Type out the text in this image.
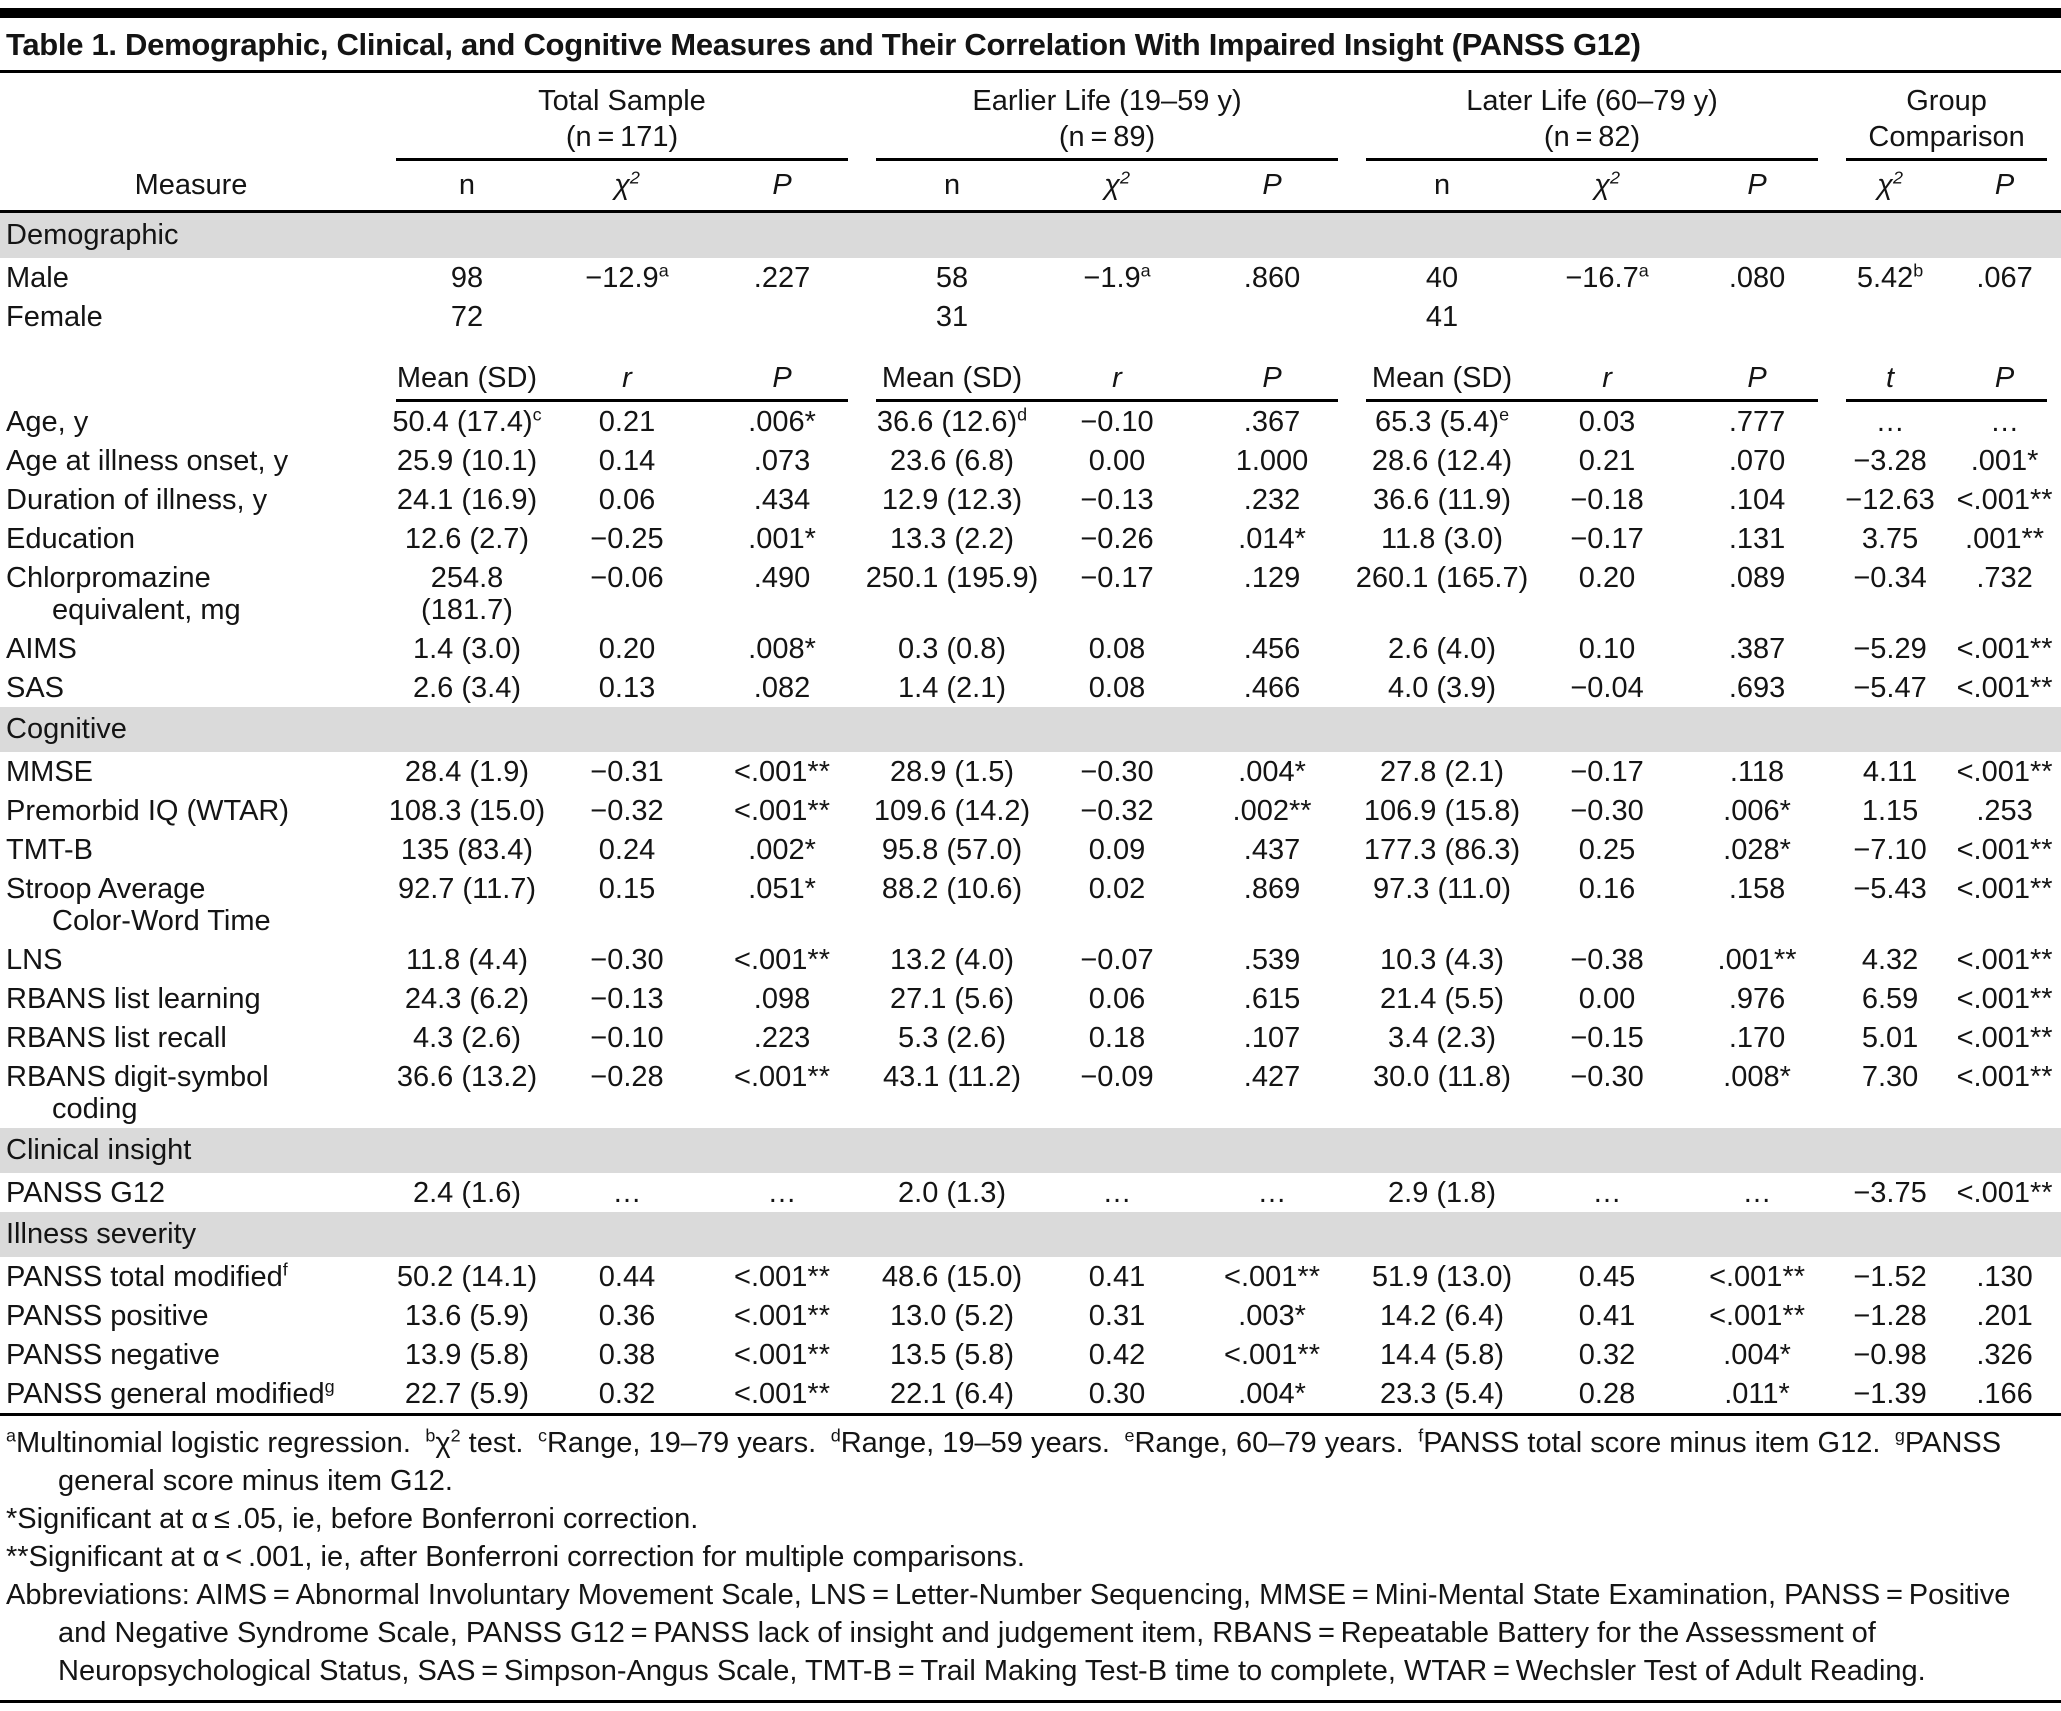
Table 1. Demographic, Clinical, and Cognitive Measures and Their Correlation With Impaired Insight (PANSS G12)

Total Sample
(n = 171)

Earlier Life (19–59 y)
(n = 89)

Later Life (60–79 y)
(n = 82)

Group
Comparison

Measure	n	$\chi^2$	P	n	$\chi^2$	P	n	$\chi^2$	P	$\chi^2$	P
Demographic											

Male	98	−12.9$^a$	.227	58	−1.9$^a$	.860	40	−16.7$^a$	.080	5.42$^b$	.067

Female	72			31			41				
	Mean (SD)	r	P	Mean (SD)	r	P	Mean (SD)	r	P	t	P

Age, y	50.4 $(17.4)^c$	0.21	.006*	36.6 $(12.6)^d$	−0.10	.367	65.3 $(5.4)^e$	0.03	.777	…	…

Age at illness onset, y	25.9 (10.1)	0.14	.073	23.6 (6.8)	0.00	1.000	28.6 (12.4)	0.21	.070	−3.28	.001*

Duration of illness, y	24.1 (16.9)	0.06	.434	12.9 (12.3)	−0.13	.232	36.6 (11.9)	−0.18	.104	−12.63	<.001**

Education	12.6 (2.7)	−0.25	.001*	13.3 (2.2)	−0.26	.014*	11.8 (3.0)	−0.17	.131	3.75	.001**

Chlorpromazine
equivalent, mg	254.8 (181.7)	−0.06	.490	250.1 (195.9)	−0.17	.129	260.1 (165.7)	0.20	.089	−0.34	.732

AIMS	1.4 (3.0)	0.20	.008*	0.3 (0.8)	0.08	.456	2.6 (4.0)	0.10	.387	−5.29	<.001**

SAS	2.6 (3.4)	0.13	.082	1.4 (2.1)	0.08	.466	4.0 (3.9)	−0.04	.693	−5.47	<.001**
Cognitive											

MMSE	28.4 (1.9)	−0.31	<.001**	28.9 (1.5)	−0.30	.004*	27.8 (2.1)	−0.17	.118	4.11	<.001**

Premorbid IQ (WTAR)	108.3 (15.0)	−0.32	<.001**	109.6 (14.2)	−0.32	.002**	106.9 (15.8)	−0.30	.006*	1.15	.253

TMT-B	135 (83.4)	0.24	.002*	95.8 (57.0)	0.09	.437	177.3 (86.3)	0.25	.028*	−7.10	<.001**

Stroop Average
Color-Word Time	92.7 (11.7)	0.15	.051*	88.2 (10.6)	0.02	.869	97.3 (11.0)	0.16	.158	−5.43	<.001**

LNS	11.8 (4.4)	−0.30	<.001**	13.2 (4.0)	−0.07	.539	10.3 (4.3)	−0.38	.001**	4.32	<.001**

RBANS list learning	24.3 (6.2)	−0.13	.098	27.1 (5.6)	0.06	.615	21.4 (5.5)	0.00	.976	6.59	<.001**

RBANS list recall	4.3 (2.6)	−0.10	.223	5.3 (2.6)	0.18	.107	3.4 (2.3)	−0.15	.170	5.01	<.001**

RBANS digit-symbol
coding	36.6 (13.2)	−0.28	<.001**	43.1 (11.2)	−0.09	.427	30.0 (11.8)	−0.30	.008*	7.30	<.001**
Clinical insight											

PANSS G12	2.4 (1.6)	…	…	2.0 (1.3)	…	…	2.9 (1.8)	…	…	−3.75	<.001**
Illness severity											

PANSS total modified$^f$	50.2 (14.1)	0.44	<.001**	48.6 (15.0)	0.41	<.001**	51.9 (13.0)	0.45	<.001**	−1.52	.130

PANSS positive	13.6 (5.9)	0.36	<.001**	13.0 (5.2)	0.31	.003*	14.2 (6.4)	0.41	<.001**	−1.28	.201

PANSS negative	13.9 (5.8)	0.38	<.001**	13.5 (5.8)	0.42	<.001**	14.4 (5.8)	0.32	.004*	−0.98	.326

PANSS general modified$^g$	22.7 (5.9)	0.32	<.001**	22.1 (6.4)	0.30	.004*	23.3 (5.4)	0.28	.011*	−1.39	.166

$^a$Multinomial logistic regression. $^b\chi^2$ test. $^c$Range, 19–79 years. $^d$Range, 19–59 years. $^e$Range, 60–79 years. $^f$PANSS total score minus item G12. $^g$PANSS general score minus item G12.

*Significant at α ≤ .05, ie, before Bonferroni correction.

**Significant at α < .001, ie, after Bonferroni correction for multiple comparisons.

Abbreviations: AIMS = Abnormal Involuntary Movement Scale, LNS = Letter-Number Sequencing, MMSE = Mini-Mental State Examination, PANSS = Positive and Negative Syndrome Scale, PANSS G12 = PANSS lack of insight and judgement item, RBANS = Repeatable Battery for the Assessment of Neuropsychological Status, SAS = Simpson-Angus Scale, TMT-B = Trail Making Test-B time to complete, WTAR = Wechsler Test of Adult Reading.
